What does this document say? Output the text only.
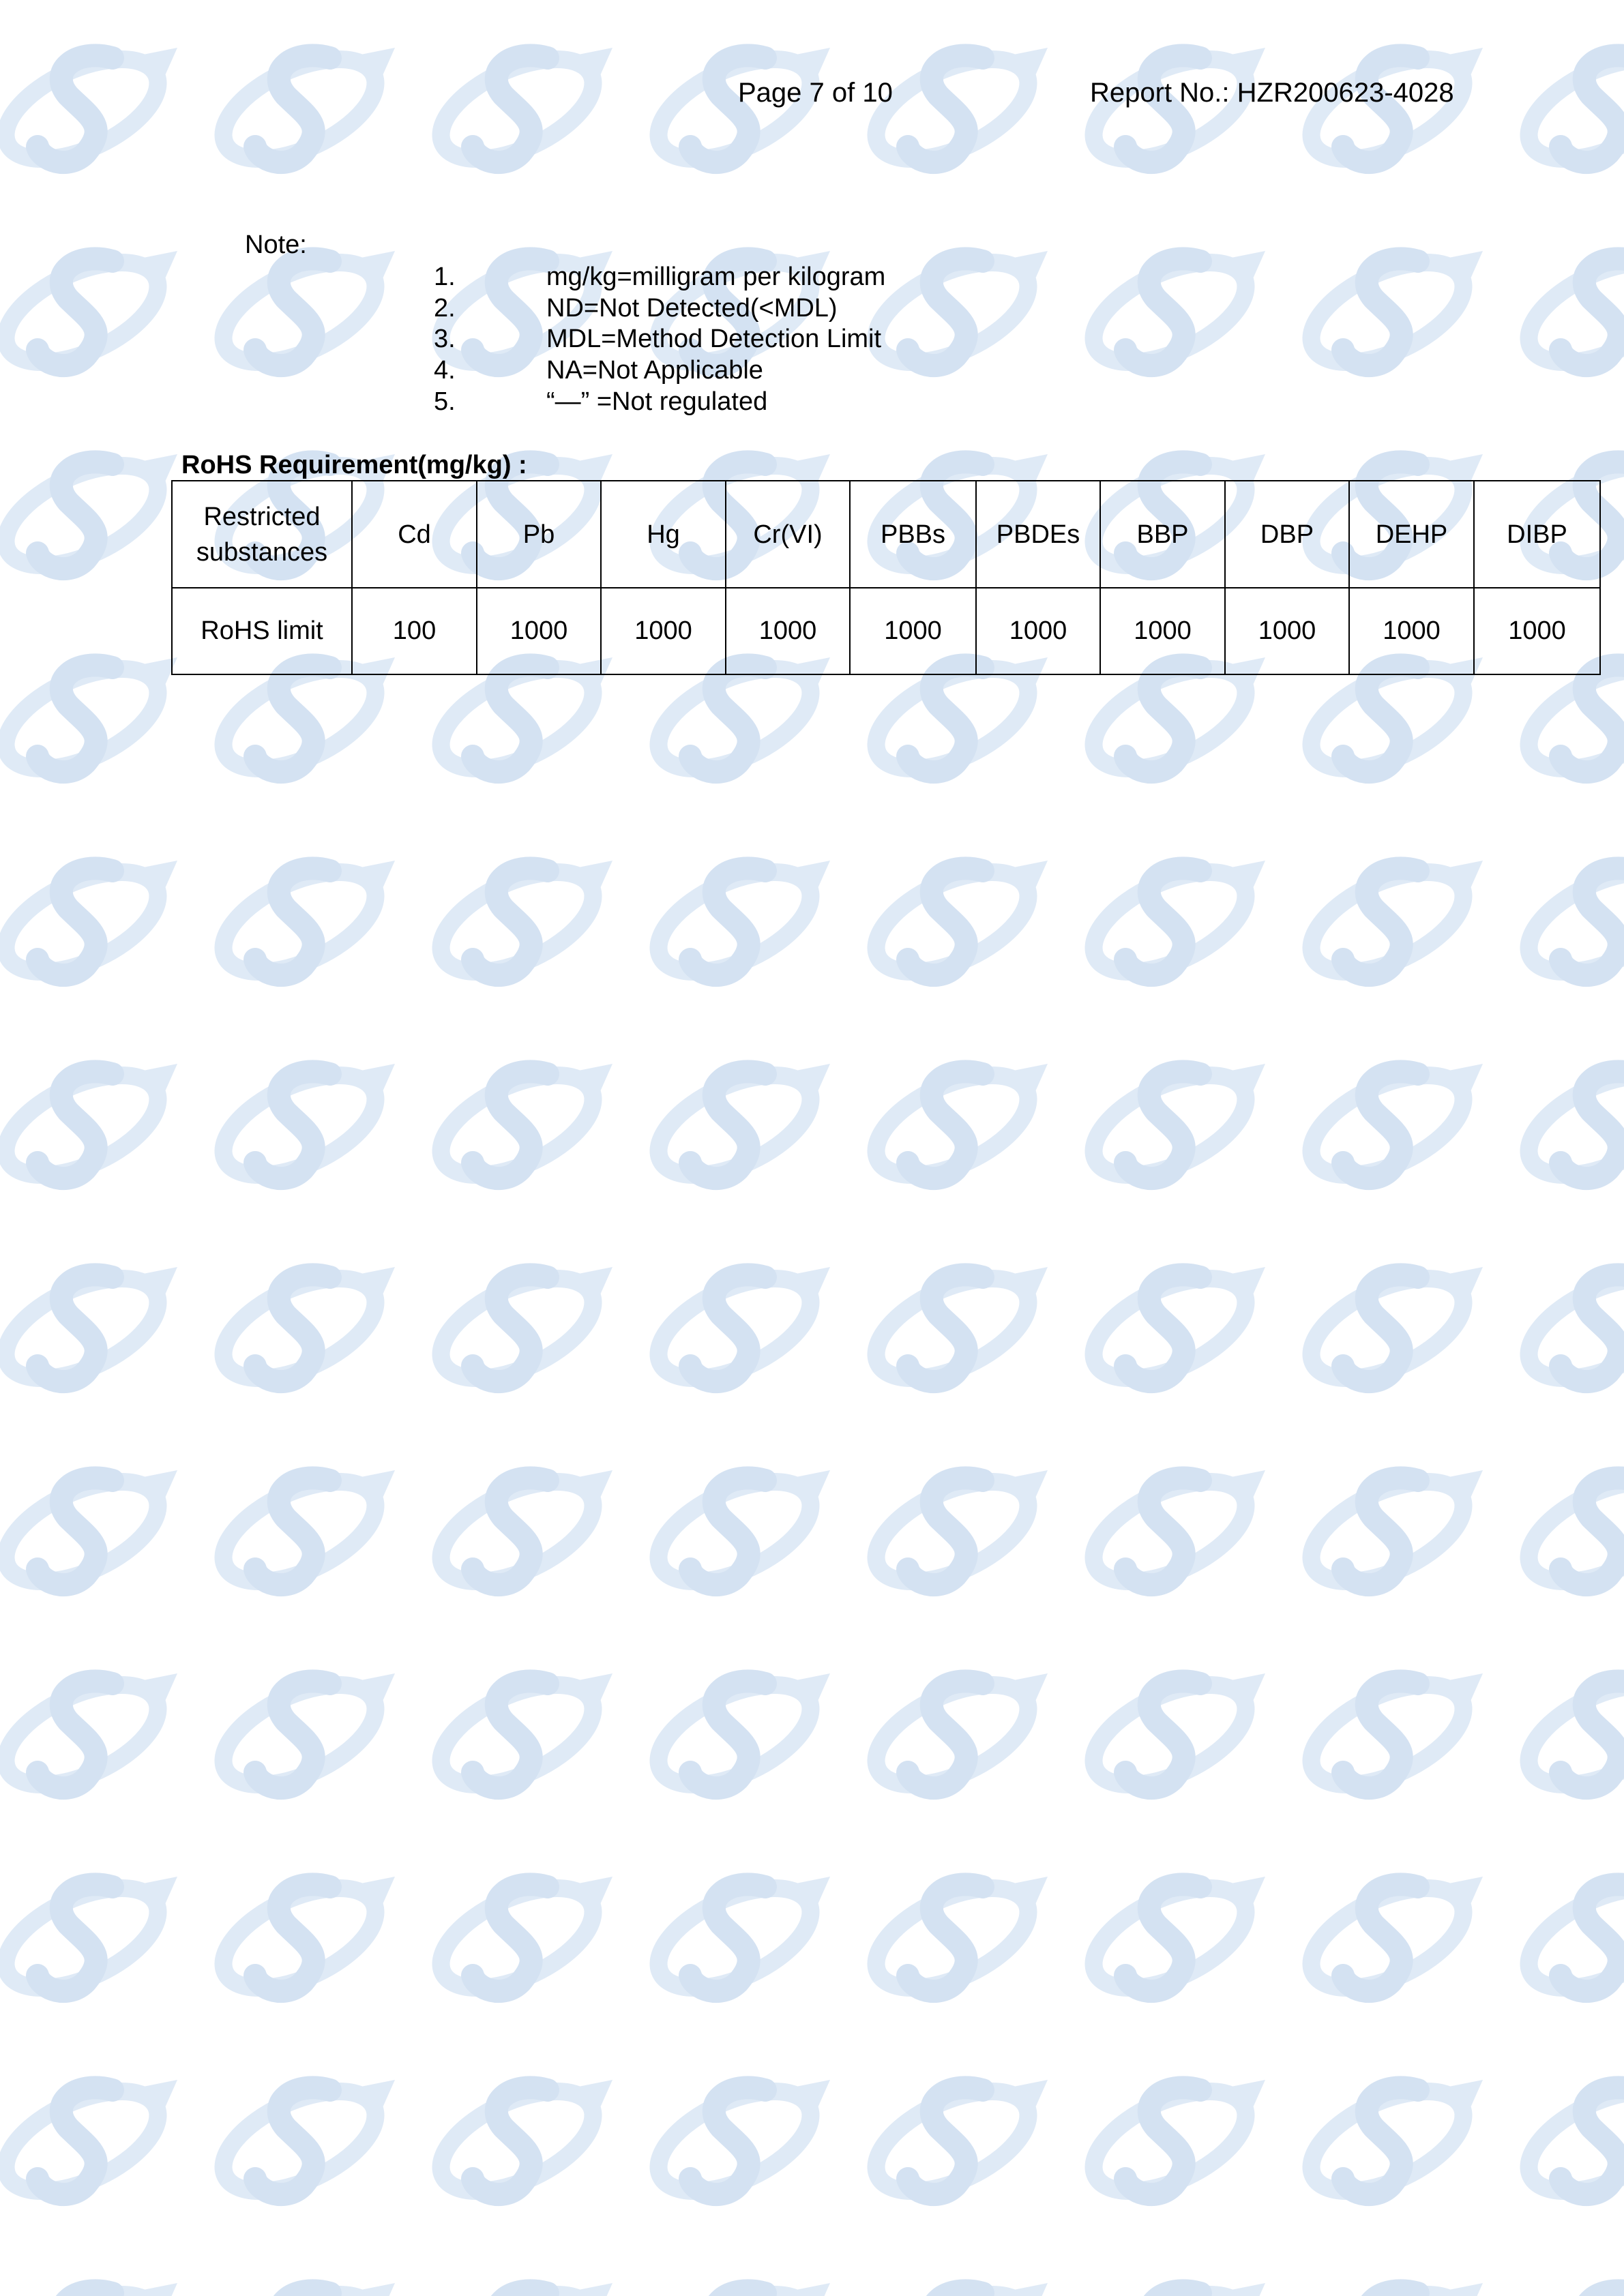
Page 7 of 10	Report No.: HZR200623-4028
Note:
1.	mg/kg=milligram per kilogram
2.	ND=Not Detected(<MDL)
3.	MDL=Method Detection Limit
4.	NA=Not Applicable
5.	“—” =Not regulated
RoHS Requirement(mg/kg) :
Restricted
substances	Cd	Pb	Hg	Cr(VI)	PBBs	PBDEs	BBP	DBP	DEHP	DIBP
RoHS limit	100	1000	1000	1000	1000	1000	1000	1000	1000	1000
